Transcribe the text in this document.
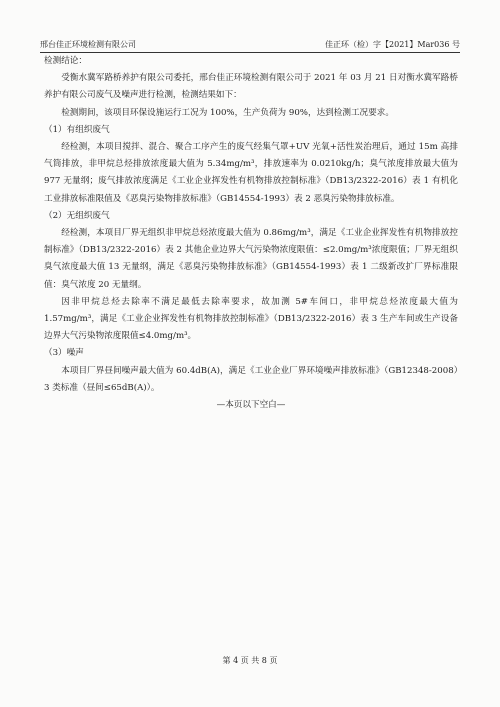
邢台佳正环境检测有限公司	佳正环（检）字【2021】Mar036 号

检测结论：

受衡水冀军路桥养护有限公司委托，邢台佳正环境检测有限公司于 2021 年 03 月 21 日对衡水冀军路桥养护有限公司废气及噪声进行检测，检测结果如下：

检测期间，该项目环保设施运行工况为 100%，生产负荷为 90%，达到检测工况要求。

（1）有组织废气

经检测，本项目搅拌、混合、聚合工序产生的废气经集气罩+UV 光氧+活性炭治理后，通过 15m 高排气筒排放，非甲烷总烃排放浓度最大值为 5.34mg/m³，排放速率为 0.0210kg/h；臭气浓度排放最大值为 977 无量纲；废气排放浓度满足《工业企业挥发性有机物排放控制标准》（DB13/2322-2016）表 1 有机化工业排放标准限值及《恶臭污染物排放标准》（GB14554-1993）表 2 恶臭污染物排放标准。

（2）无组织废气

经检测，本项目厂界无组织非甲烷总烃浓度最大值为 0.86mg/m³，满足《工业企业挥发性有机物排放控制标准》（DB13/2322-2016）表 2 其他企业边界大气污染物浓度限值：≤2.0mg/m³浓度限值；厂界无组织臭气浓度最大值 13 无量纲，满足《恶臭污染物排放标准》（GB14554-1993）表 1 二级新改扩厂界标准限值：臭气浓度 20 无量纲。

因非甲烷总烃去除率不满足最低去除率要求，故加测 5#车间口，非甲烷总烃浓度最大值为 1.57mg/m³，满足《工业企业挥发性有机物排放控制标准》（DB13/2322-2016）表 3 生产车间或生产设备边界大气污染物浓度限值≤4.0mg/m³。

（3）噪声

本项目厂界昼间噪声最大值为 60.4dB(A)，满足《工业企业厂界环境噪声排放标准》（GB12348-2008）3 类标准（昼间≤65dB(A)）。

—本页以下空白—

第 4 页 共 8 页
